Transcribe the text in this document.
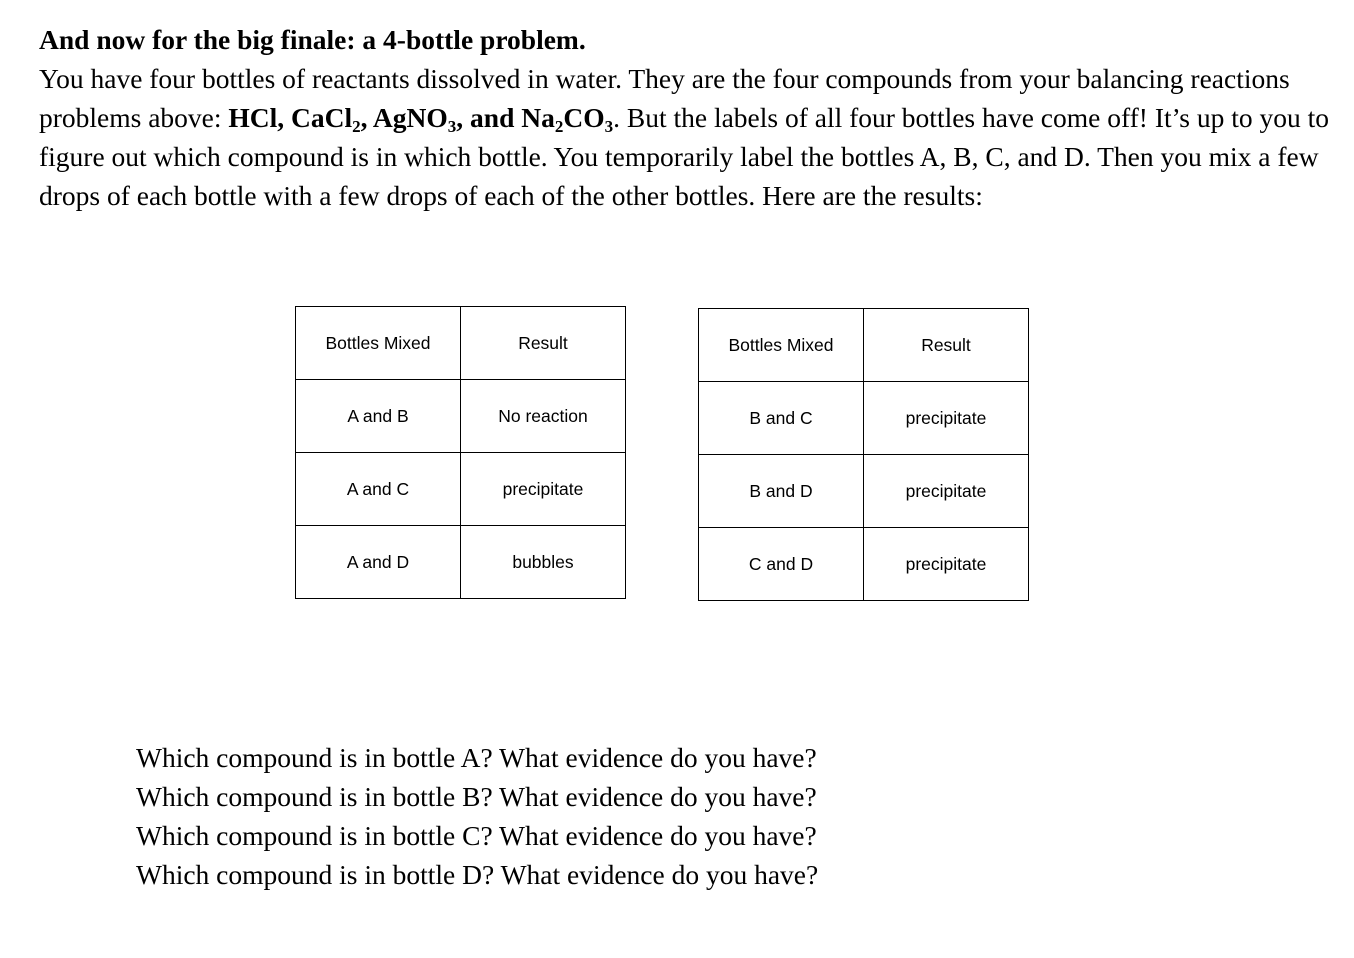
And now for the big finale: a 4-bottle problem.
You have four bottles of reactants dissolved in water. They are the four compounds from your balancing reactions problems above: HCl, CaCl$_2$, AgNO$_3$, and $Na_2CO_3$. But the labels of all four bottles have come off! It’s up to you to figure out which compound is in which bottle. You temporarily label the bottles A, B, C, and D. Then you mix a few drops of each bottle with a few drops of each of the other bottles. Here are the results:
Bottles Mixed	Result
A and B	No reaction
A and C	precipitate
A and D	bubbles
Bottles Mixed	Result
B and C	precipitate
B and D	precipitate
C and D	precipitate
Which compound is in bottle A? What evidence do you have?
Which compound is in bottle B? What evidence do you have?
Which compound is in bottle C? What evidence do you have?
Which compound is in bottle D? What evidence do you have?
